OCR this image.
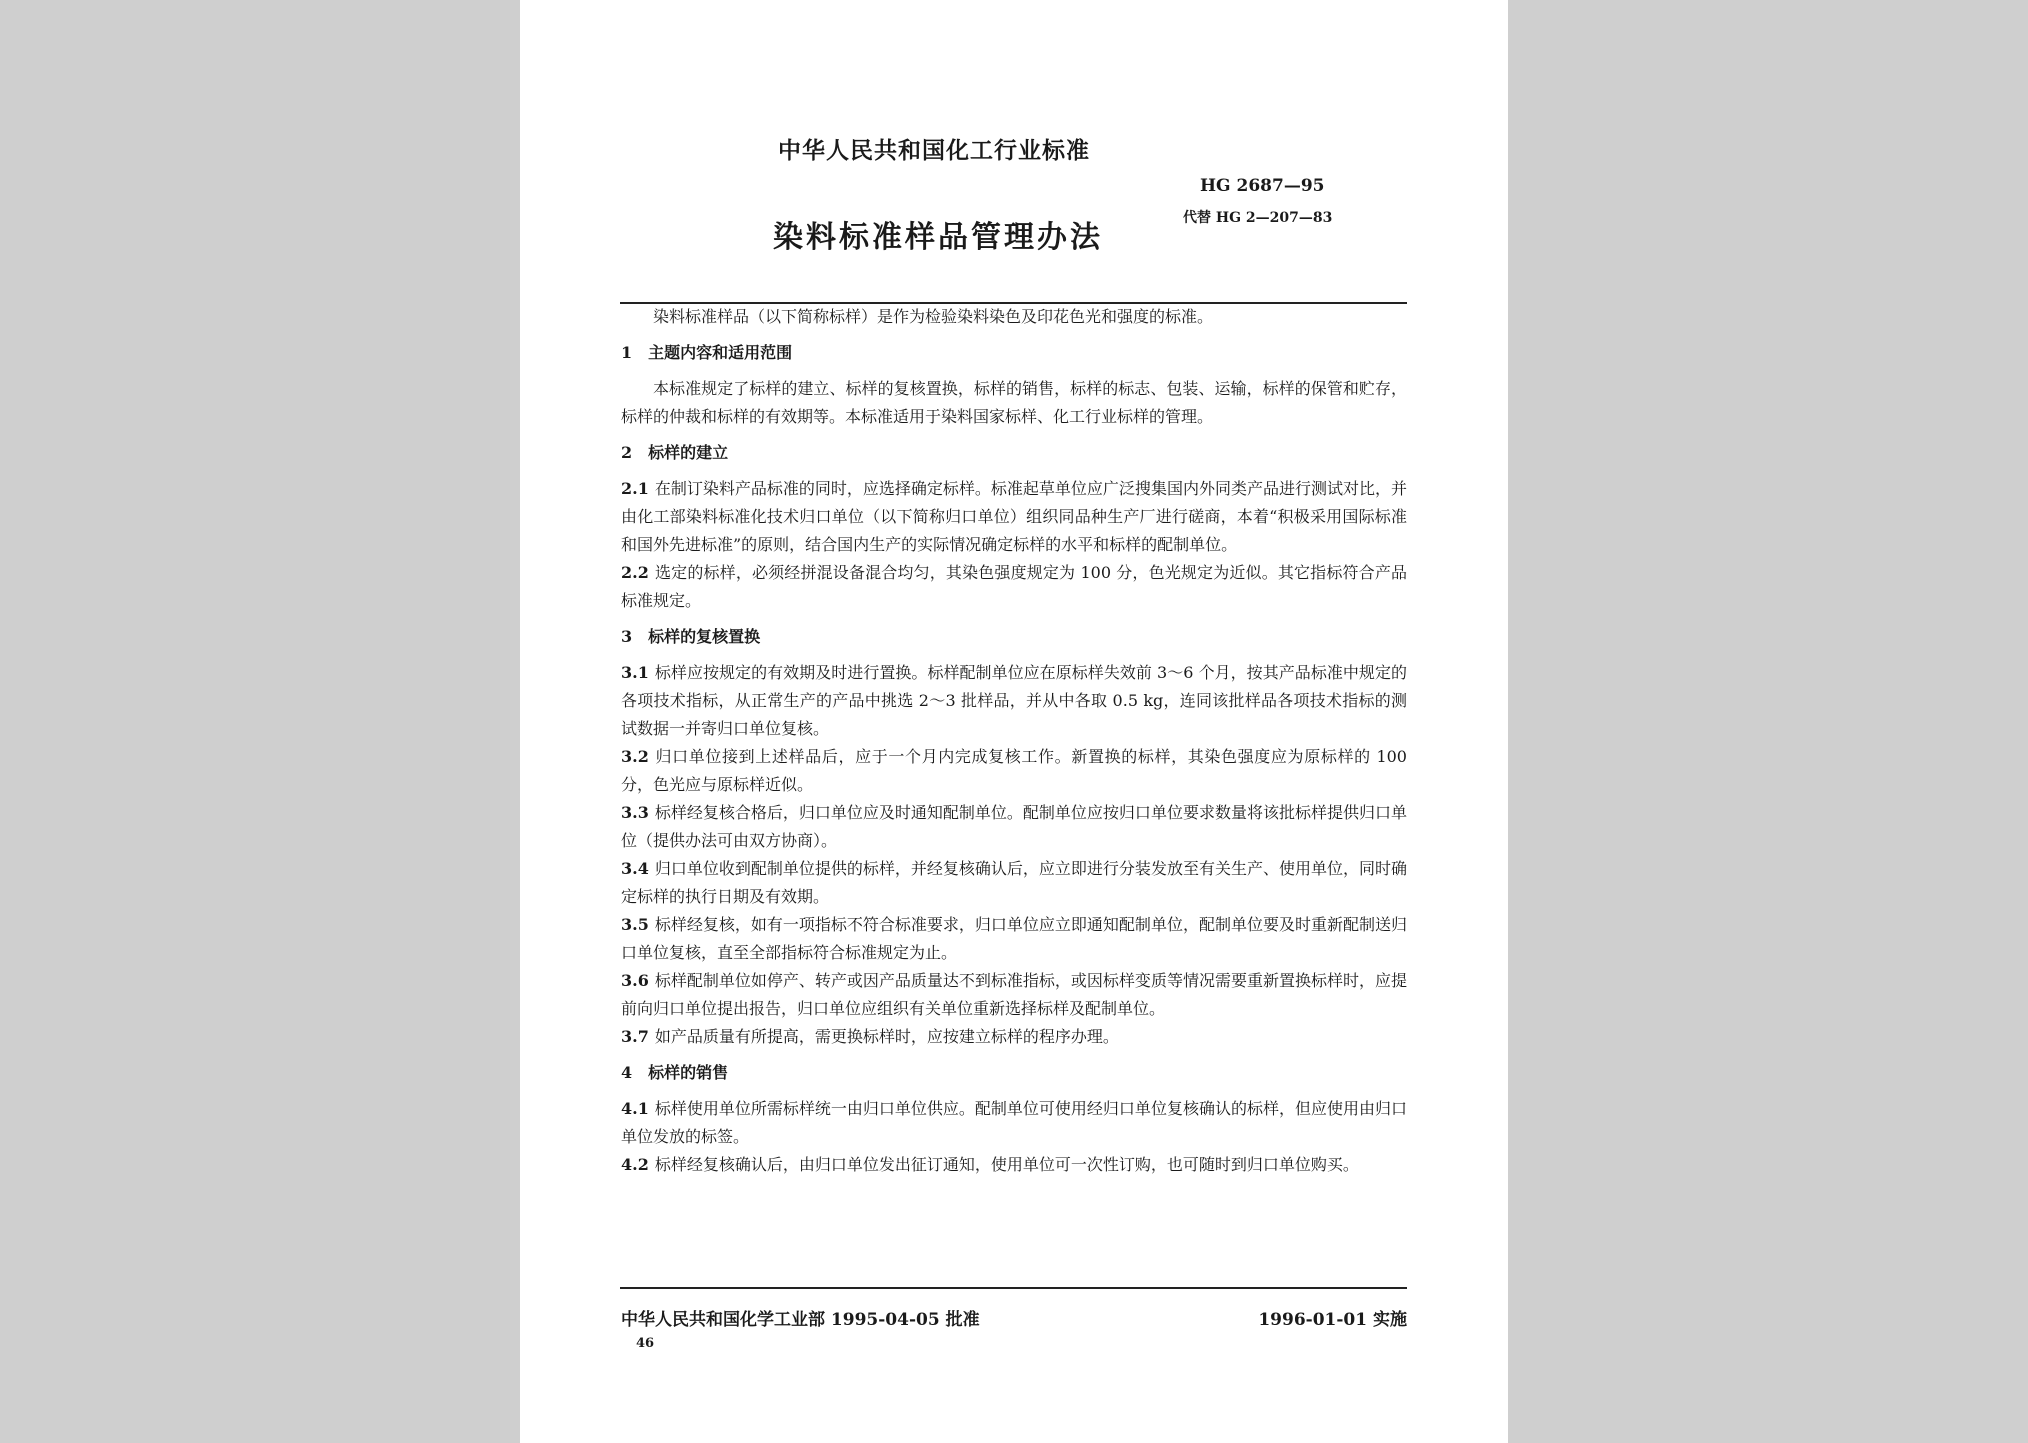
中华人民共和国化工行业标准

染料标准样品管理办法

HG 2687—95

代替 HG 2—207—83

染料标准样品（以下简称标样）是作为检验染料染色及印花色光和强度的标准。

1　主题内容和适用范围

本标准规定了标样的建立、标样的复核置换，标样的销售，标样的标志、包装、运输，标样的保管和贮存，标样的仲裁和标样的有效期等。本标准适用于染料国家标样、化工行业标样的管理。

2　标样的建立

2.1 在制订染料产品标准的同时，应选择确定标样。标准起草单位应广泛搜集国内外同类产品进行测试对比，并由化工部染料标准化技术归口单位（以下简称归口单位）组织同品种生产厂进行磋商，本着“积极采用国际标准和国外先进标准”的原则，结合国内生产的实际情况确定标样的水平和标样的配制单位。

2.2 选定的标样，必须经拼混设备混合均匀，其染色强度规定为 100 分，色光规定为近似。其它指标符合产品标准规定。

3　标样的复核置换

3.1 标样应按规定的有效期及时进行置换。标样配制单位应在原标样失效前 3～6 个月，按其产品标准中规定的各项技术指标，从正常生产的产品中挑选 2～3 批样品，并从中各取 0.5 kg，连同该批样品各项技术指标的测试数据一并寄归口单位复核。

3.2 归口单位接到上述样品后，应于一个月内完成复核工作。新置换的标样，其染色强度应为原标样的 100 分，色光应与原标样近似。

3.3 标样经复核合格后，归口单位应及时通知配制单位。配制单位应按归口单位要求数量将该批标样提供归口单位（提供办法可由双方协商）。

3.4 归口单位收到配制单位提供的标样，并经复核确认后，应立即进行分装发放至有关生产、使用单位，同时确定标样的执行日期及有效期。

3.5 标样经复核，如有一项指标不符合标准要求，归口单位应立即通知配制单位，配制单位要及时重新配制送归口单位复核，直至全部指标符合标准规定为止。

3.6 标样配制单位如停产、转产或因产品质量达不到标准指标，或因标样变质等情况需要重新置换标样时，应提前向归口单位提出报告，归口单位应组织有关单位重新选择标样及配制单位。

3.7 如产品质量有所提高，需更换标样时，应按建立标样的程序办理。

4　标样的销售

4.1 标样使用单位所需标样统一由归口单位供应。配制单位可使用经归口单位复核确认的标样，但应使用由归口单位发放的标签。

4.2 标样经复核确认后，由归口单位发出征订通知，使用单位可一次性订购，也可随时到归口单位购买。

中华人民共和国化学工业部 1995-04-05 批准	1996-01-01 实施

46
